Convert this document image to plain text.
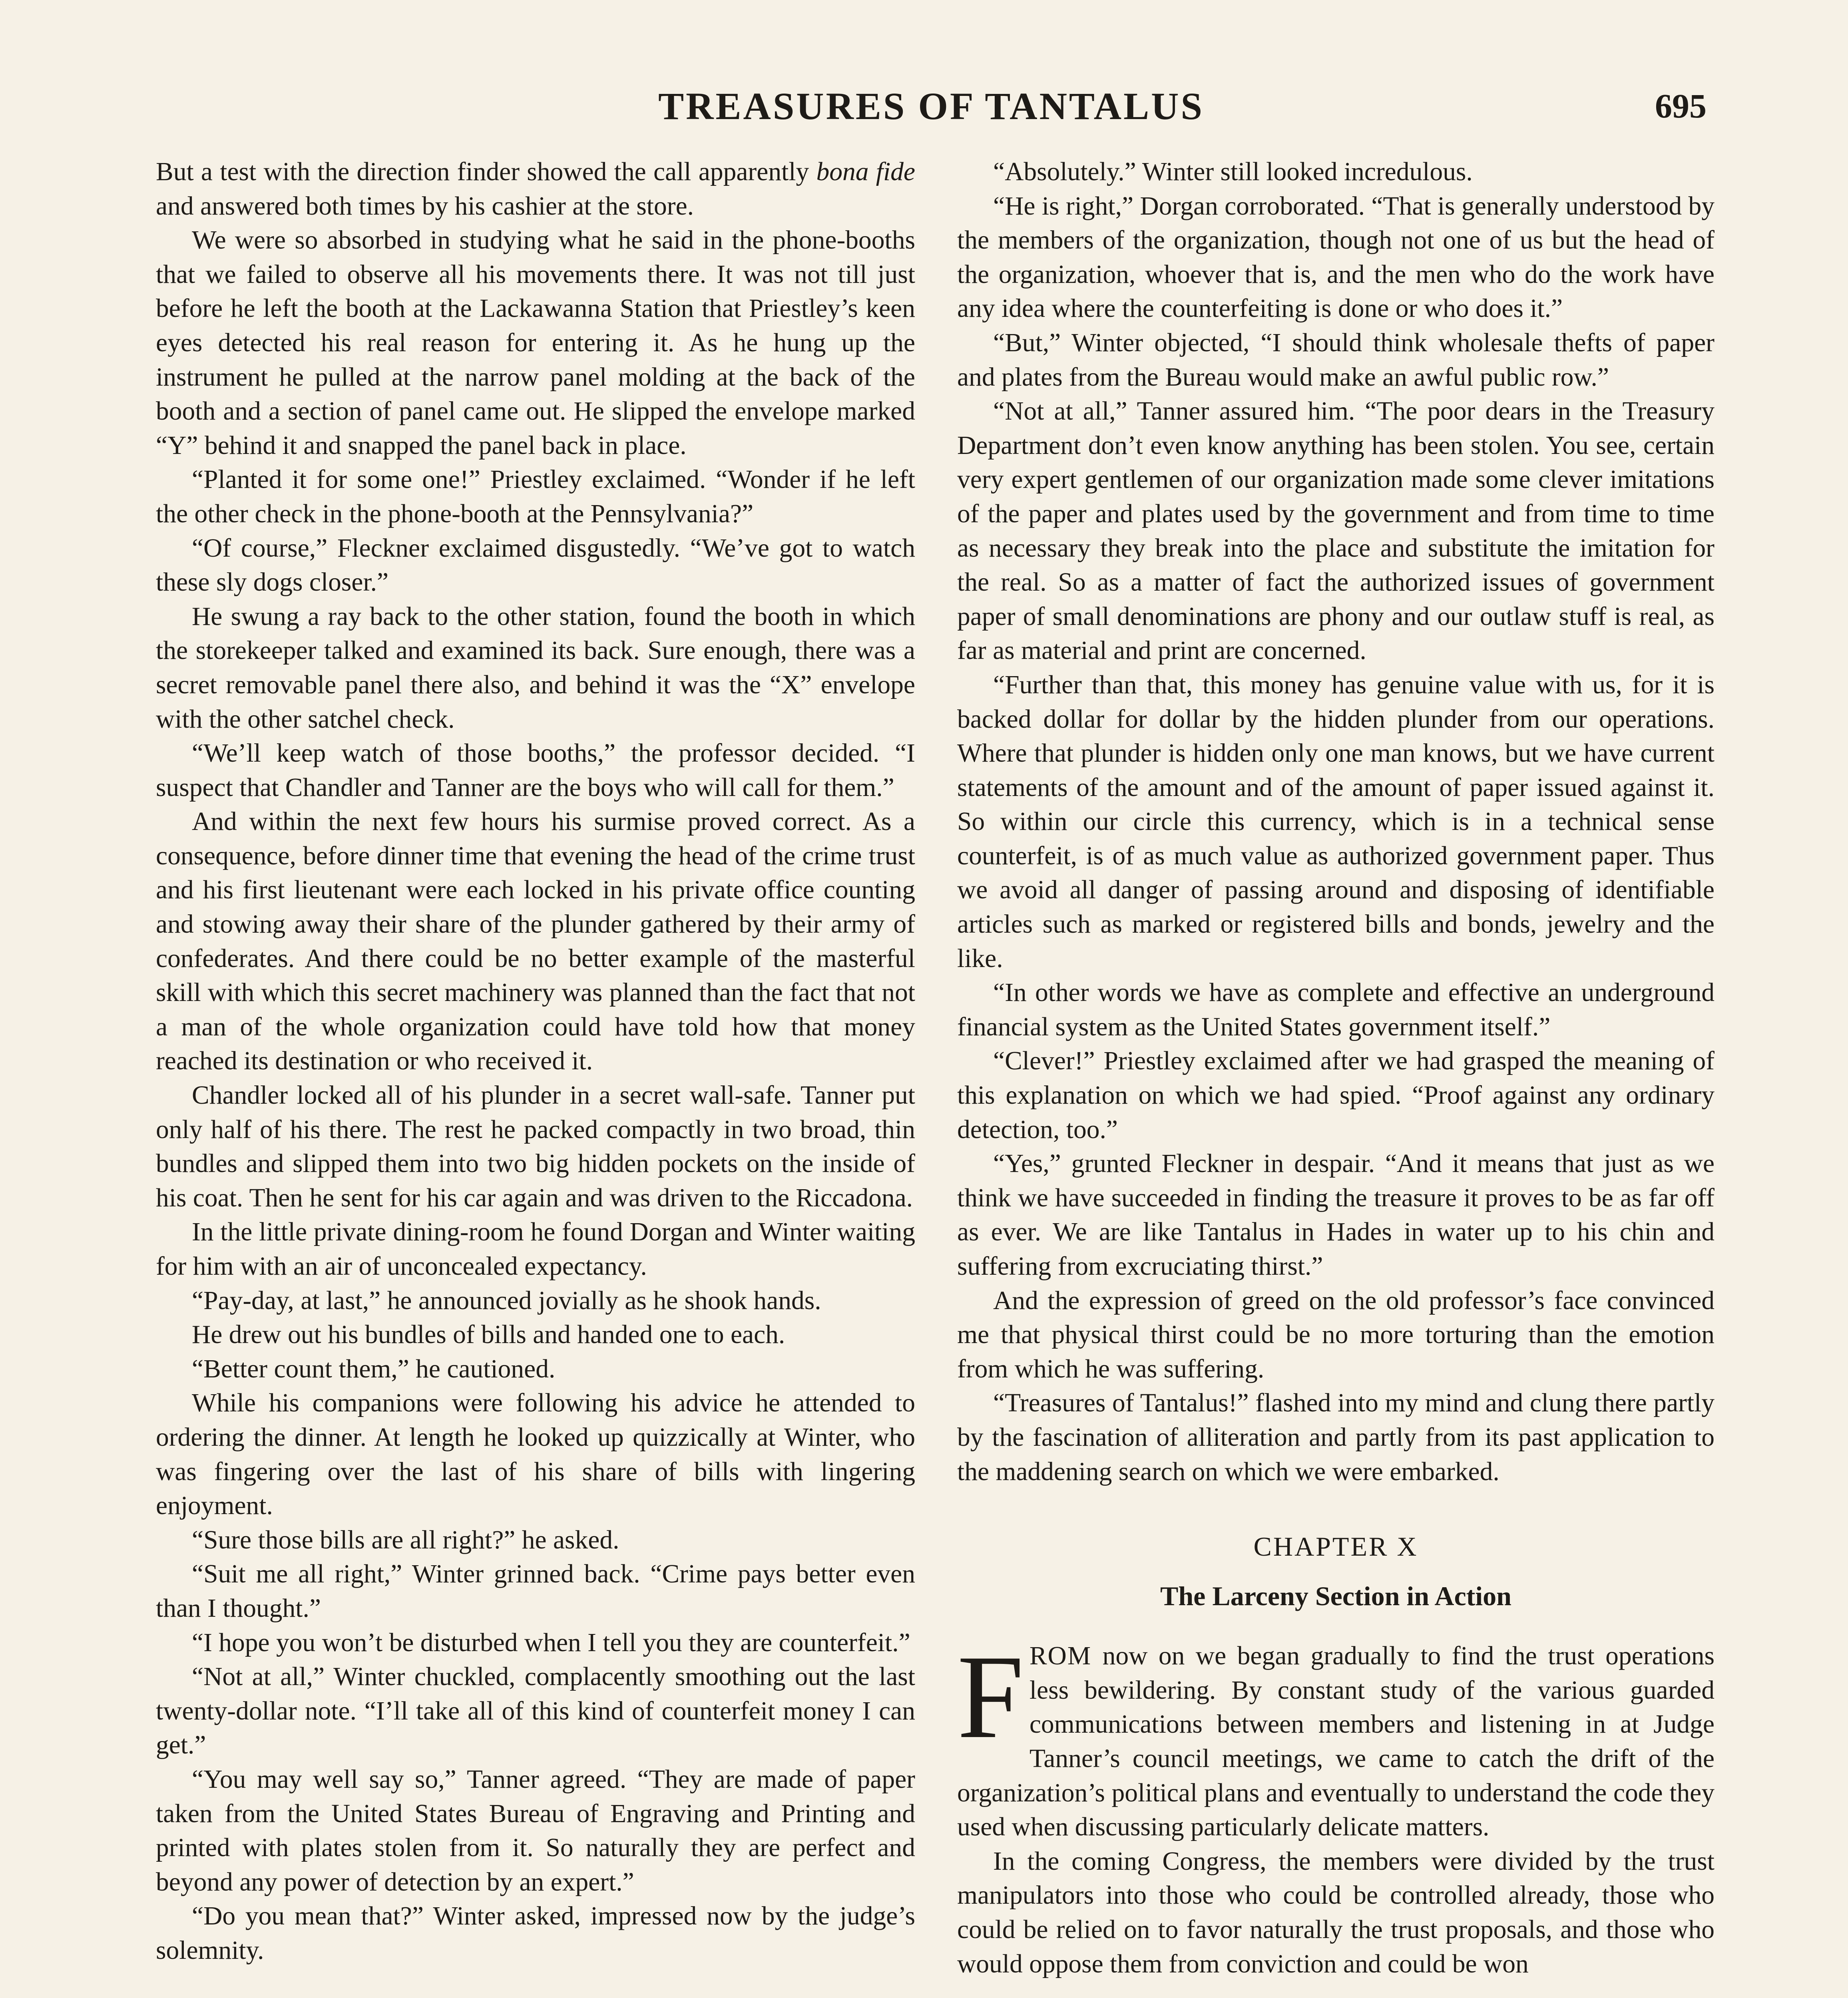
TREASURES OF TANTALUS	695

But a test with the direction finder showed the call apparently bona fide and answered both times by his cashier at the store.

We were so absorbed in studying what he said in the phone-booths that we failed to observe all his movements there. It was not till just before he left the booth at the Lackawanna Station that Priestley’s keen eyes detected his real reason for entering it. As he hung up the instrument he pulled at the narrow panel molding at the back of the booth and a section of panel came out. He slipped the envelope marked “Y” behind it and snapped the panel back in place.

“Planted it for some one!” Priestley exclaimed. “Wonder if he left the other check in the phone-booth at the Pennsylvania?”

“Of course,” Fleckner exclaimed disgustedly. “We’ve got to watch these sly dogs closer.”

He swung a ray back to the other station, found the booth in which the storekeeper talked and examined its back. Sure enough, there was a secret removable panel there also, and behind it was the “X” envelope with the other satchel check.

“We’ll keep watch of those booths,” the professor decided. “I suspect that Chandler and Tanner are the boys who will call for them.”

And within the next few hours his surmise proved correct. As a consequence, before dinner time that evening the head of the crime trust and his first lieutenant were each locked in his private office counting and stowing away their share of the plunder gathered by their army of confederates. And there could be no better example of the masterful skill with which this secret machinery was planned than the fact that not a man of the whole organization could have told how that money reached its destination or who received it.

Chandler locked all of his plunder in a secret wall-safe. Tanner put only half of his there. The rest he packed compactly in two broad, thin bundles and slipped them into two big hidden pockets on the inside of his coat. Then he sent for his car again and was driven to the Riccadona.

In the little private dining-room he found Dorgan and Winter waiting for him with an air of unconcealed expectancy.

“Pay-day, at last,” he announced jovially as he shook hands.

He drew out his bundles of bills and handed one to each.

“Better count them,” he cautioned.

While his companions were following his advice he attended to ordering the dinner. At length he looked up quizzically at Winter, who was fingering over the last of his share of bills with lingering enjoyment.

“Sure those bills are all right?” he asked.

“Suit me all right,” Winter grinned back. “Crime pays better even than I thought.”

“I hope you won’t be disturbed when I tell you they are counterfeit.”

“Not at all,” Winter chuckled, complacently smoothing out the last twenty-dollar note. “I’ll take all of this kind of counterfeit money I can get.”

“You may well say so,” Tanner agreed. “They are made of paper taken from the United States Bureau of Engraving and Printing and printed with plates stolen from it. So naturally they are perfect and beyond any power of detection by an expert.”

“Do you mean that?” Winter asked, impressed now by the judge’s solemnity.

“Absolutely.” Winter still looked incredulous.

“He is right,” Dorgan corroborated. “That is generally understood by the members of the organization, though not one of us but the head of the organization, whoever that is, and the men who do the work have any idea where the counterfeiting is done or who does it.”

“But,” Winter objected, “I should think wholesale thefts of paper and plates from the Bureau would make an awful public row.”

“Not at all,” Tanner assured him. “The poor dears in the Treasury Department don’t even know anything has been stolen. You see, certain very expert gentlemen of our organization made some clever imitations of the paper and plates used by the government and from time to time as necessary they break into the place and substitute the imitation for the real. So as a matter of fact the authorized issues of government paper of small denominations are phony and our outlaw stuff is real, as far as material and print are concerned.

“Further than that, this money has genuine value with us, for it is backed dollar for dollar by the hidden plunder from our operations. Where that plunder is hidden only one man knows, but we have current statements of the amount and of the amount of paper issued against it. So within our circle this currency, which is in a technical sense counterfeit, is of as much value as authorized government paper. Thus we avoid all danger of passing around and disposing of identifiable articles such as marked or registered bills and bonds, jewelry and the like.

“In other words we have as complete and effective an underground financial system as the United States government itself.”

“Clever!” Priestley exclaimed after we had grasped the meaning of this explanation on which we had spied. “Proof against any ordinary detection, too.”

“Yes,” grunted Fleckner in despair. “And it means that just as we think we have succeeded in finding the treasure it proves to be as far off as ever. We are like Tantalus in Hades in water up to his chin and suffering from excruciating thirst.”

And the expression of greed on the old professor’s face convinced me that physical thirst could be no more torturing than the emotion from which he was suffering.

“Treasures of Tantalus!” flashed into my mind and clung there partly by the fascination of alliteration and partly from its past application to the maddening search on which we were embarked.

CHAPTER X
The Larceny Section in Action

FROM now on we began gradually to find the trust operations less bewildering. By constant study of the various guarded communications between members and listening in at Judge Tanner’s council meetings, we came to catch the drift of the organization’s political plans and eventually to understand the code they used when discussing particularly delicate matters.

In the coming Congress, the members were divided by the trust manipulators into those who could be controlled already, those who could be relied on to favor naturally the trust proposals, and those who would oppose them from conviction and could be won
